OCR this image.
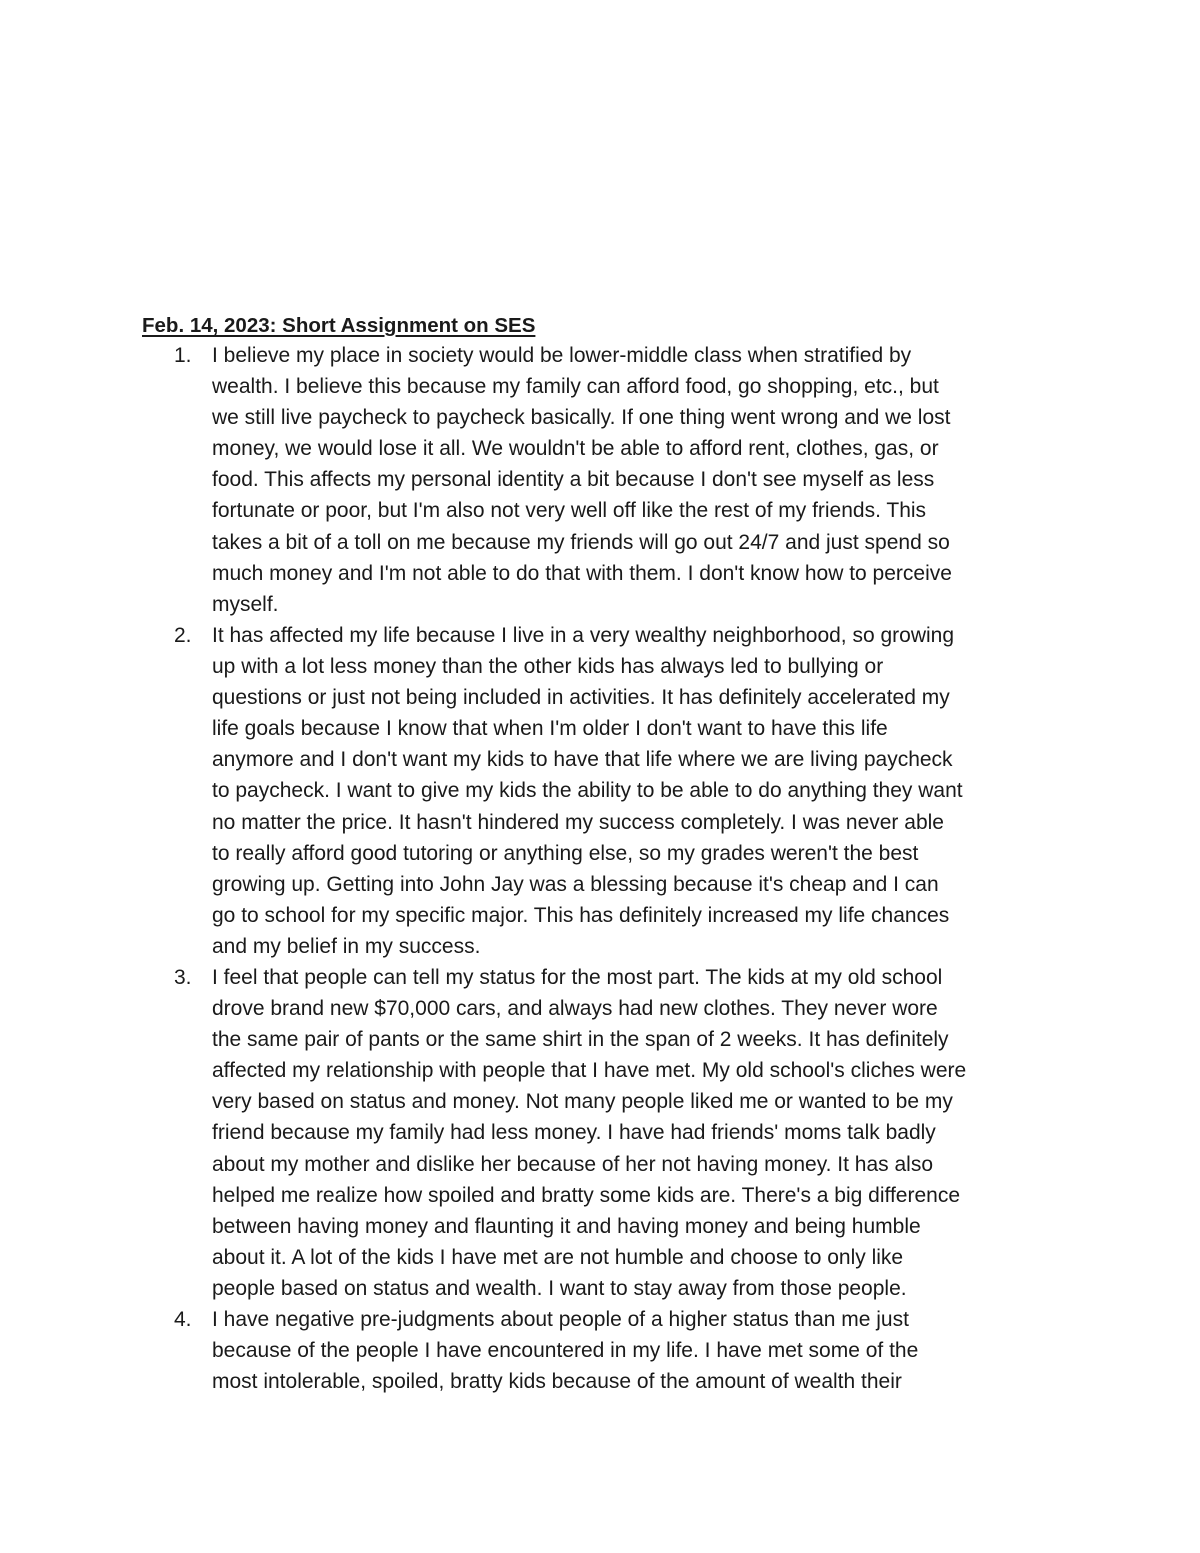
Feb. 14, 2023: Short Assignment on SES
1. I believe my place in society would be lower-middle class when stratified by
wealth. I believe this because my family can afford food, go shopping, etc., but
we still live paycheck to paycheck basically. If one thing went wrong and we lost
money, we would lose it all. We wouldn't be able to afford rent, clothes, gas, or
food. This affects my personal identity a bit because I don't see myself as less
fortunate or poor, but I'm also not very well off like the rest of my friends. This
takes a bit of a toll on me because my friends will go out 24/7 and just spend so
much money and I'm not able to do that with them. I don't know how to perceive
myself.
2. It has affected my life because I live in a very wealthy neighborhood, so growing
up with a lot less money than the other kids has always led to bullying or
questions or just not being included in activities. It has definitely accelerated my
life goals because I know that when I'm older I don't want to have this life
anymore and I don't want my kids to have that life where we are living paycheck
to paycheck. I want to give my kids the ability to be able to do anything they want
no matter the price. It hasn't hindered my success completely. I was never able
to really afford good tutoring or anything else, so my grades weren't the best
growing up. Getting into John Jay was a blessing because it's cheap and I can
go to school for my specific major. This has definitely increased my life chances
and my belief in my success.
3. I feel that people can tell my status for the most part. The kids at my old school
drove brand new $70,000 cars, and always had new clothes. They never wore
the same pair of pants or the same shirt in the span of 2 weeks. It has definitely
affected my relationship with people that I have met. My old school's cliches were
very based on status and money. Not many people liked me or wanted to be my
friend because my family had less money. I have had friends' moms talk badly
about my mother and dislike her because of her not having money. It has also
helped me realize how spoiled and bratty some kids are. There's a big difference
between having money and flaunting it and having money and being humble
about it. A lot of the kids I have met are not humble and choose to only like
people based on status and wealth. I want to stay away from those people.
4. I have negative pre-judgments about people of a higher status than me just
because of the people I have encountered in my life. I have met some of the
most intolerable, spoiled, bratty kids because of the amount of wealth their
